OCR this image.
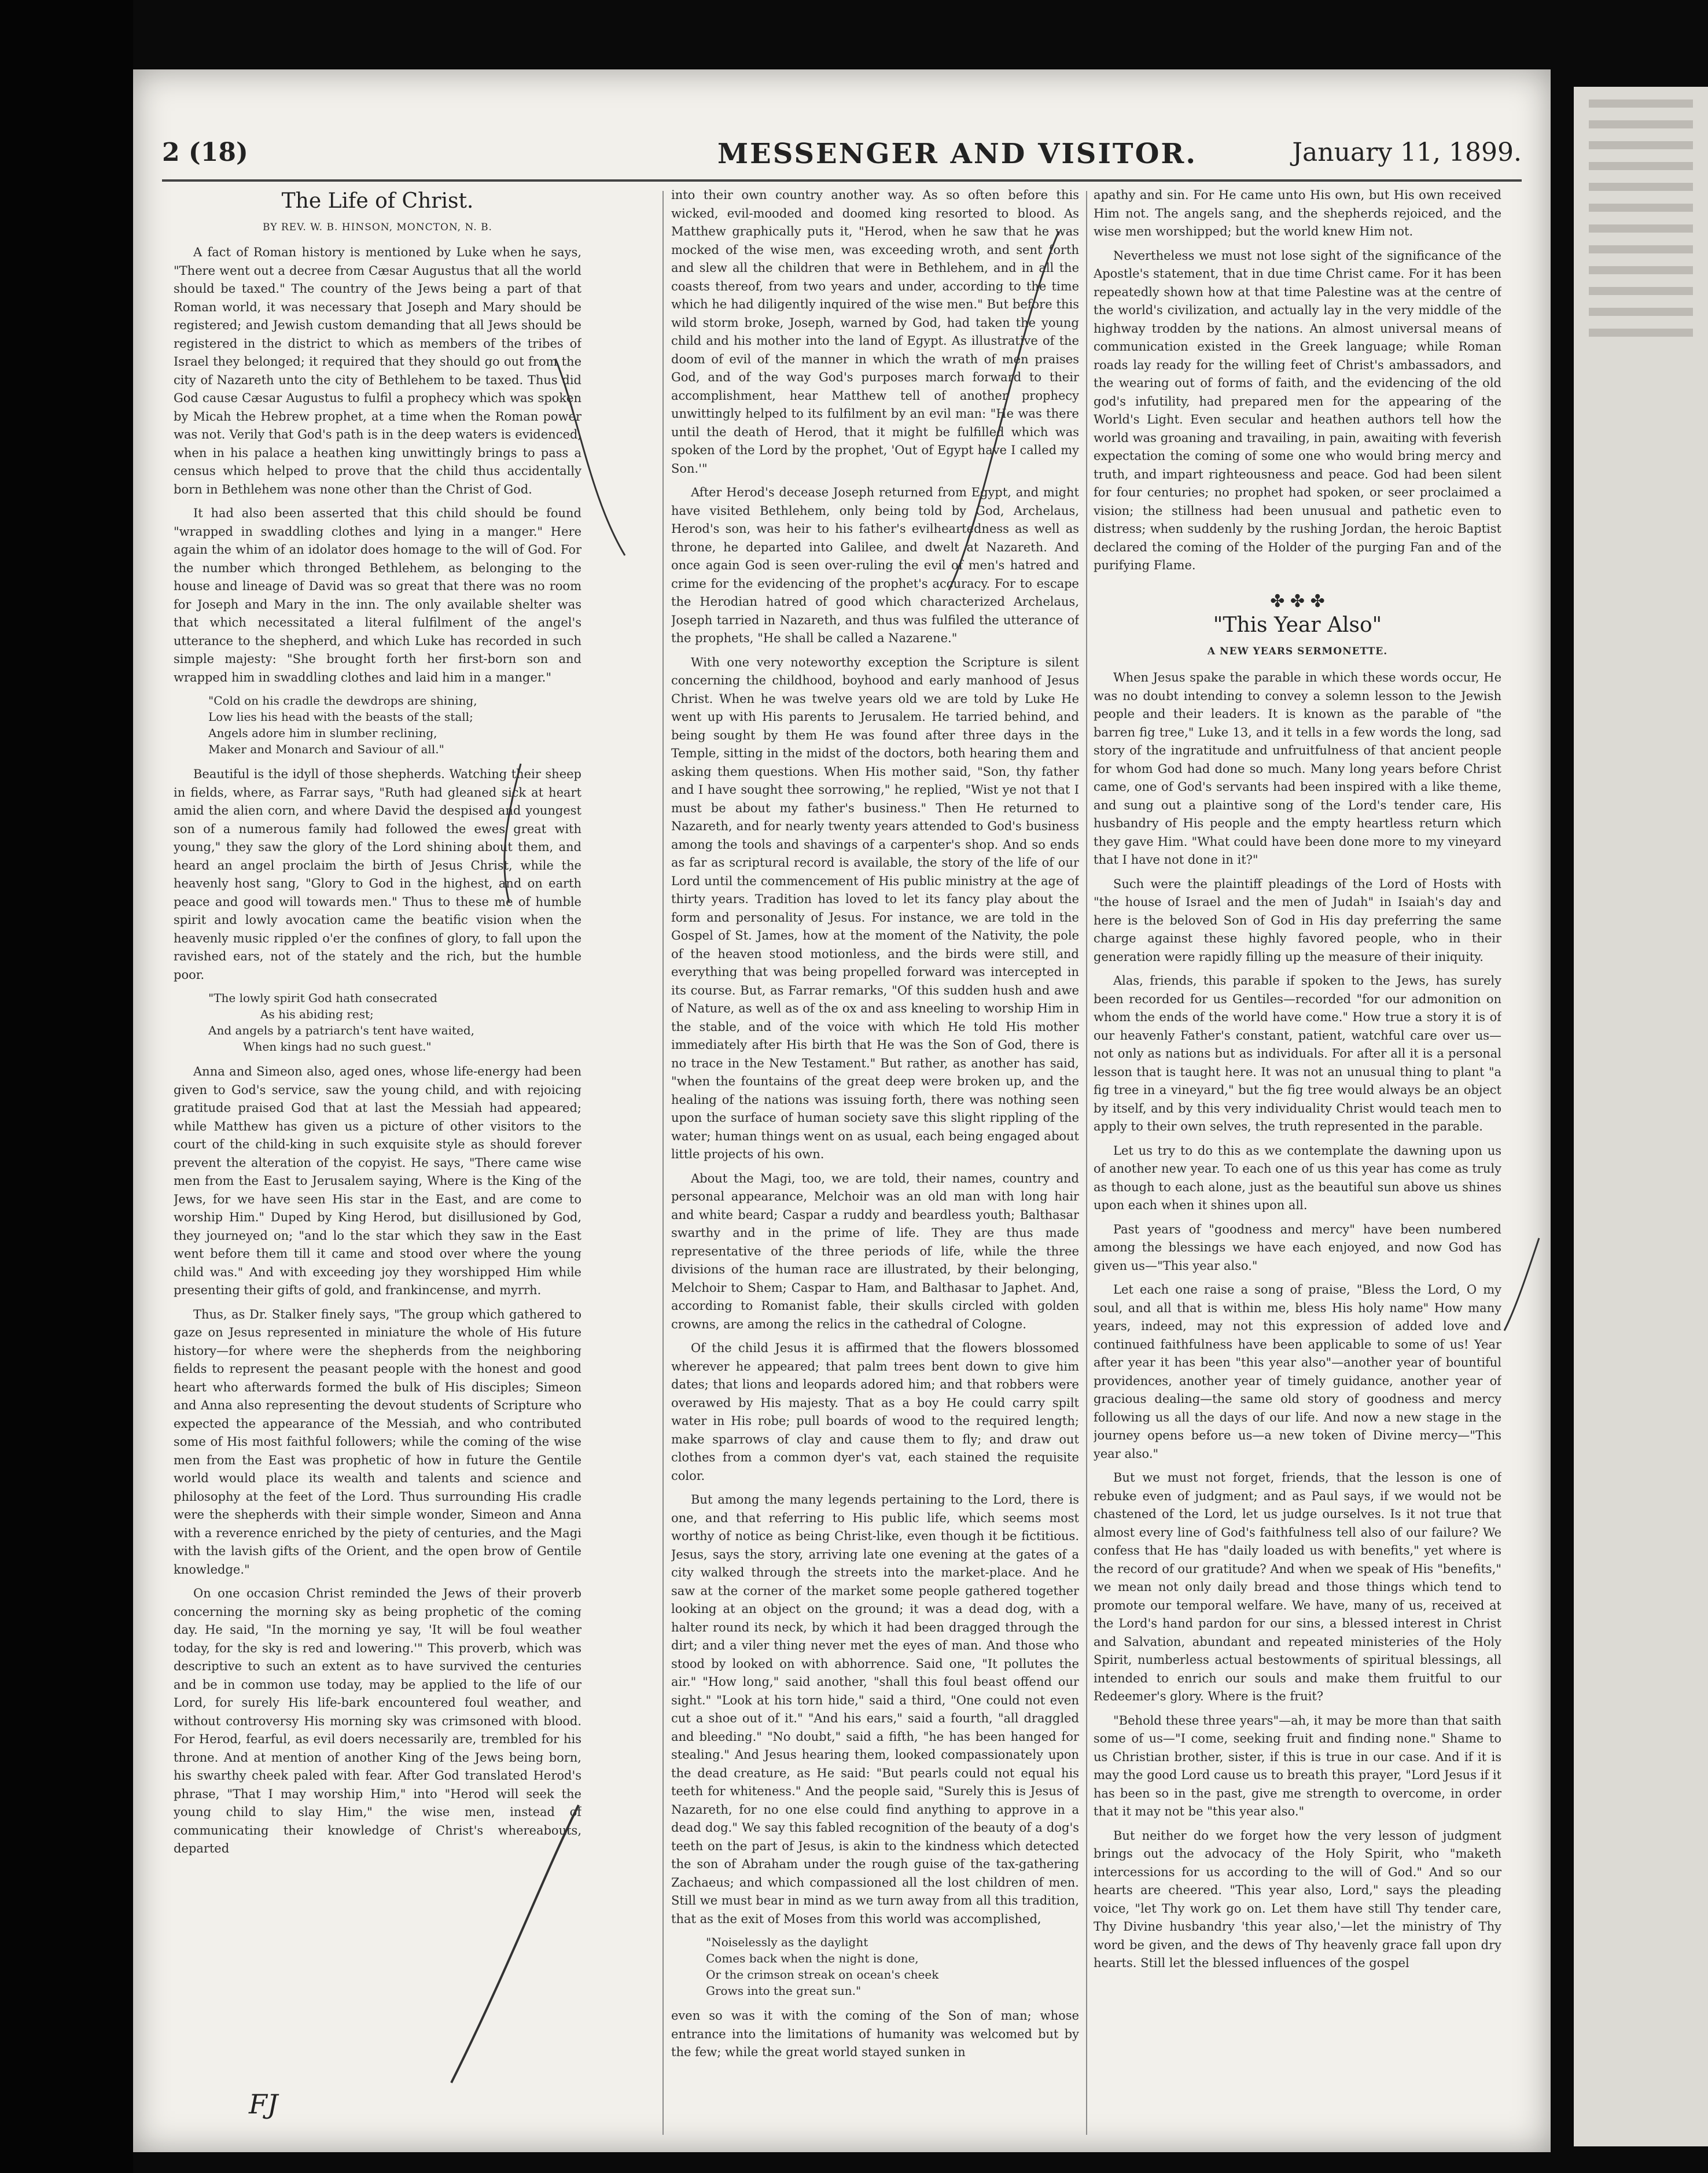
2 (18)	MESSENGER AND VISITOR.	January 11, 1899.
The Life of Christ.
BY REV. W. B. HINSON, MONCTON, N. B.

A fact of Roman history is mentioned by Luke when he says, "There went out a decree from Cæsar Augustus that all the world should be taxed." The country of the Jews being a part of that Roman world, it was necessary that Joseph and Mary should be registered; and Jewish custom demanding that all Jews should be registered in the district to which as members of the tribes of Israel they belonged; it required that they should go out from the city of Nazareth unto the city of Bethlehem to be taxed. Thus did God cause Cæsar Augustus to fulfil a prophecy which was spoken by Micah the Hebrew prophet, at a time when the Roman power was not. Verily that God's path is in the deep waters is evidenced, when in his palace a heathen king unwittingly brings to pass a census which helped to prove that the child thus accidentally born in Bethlehem was none other than the Christ of God.

It had also been asserted that this child should be found "wrapped in swaddling clothes and lying in a manger." Here again the whim of an idolator does homage to the will of God. For the number which thronged Bethlehem, as belonging to the house and lineage of David was so great that there was no room for Joseph and Mary in the inn. The only available shelter was that which necessitated a literal fulfilment of the angel's utterance to the shepherd, and which Luke has recorded in such simple majesty: "She brought forth her first-born son and wrapped him in swaddling clothes and laid him in a manger."

"Cold on his cradle the dewdrops are shining,
Low lies his head with the beasts of the stall;
Angels adore him in slumber reclining,
Maker and Monarch and Saviour of all."

Beautiful is the idyll of those shepherds. Watching their sheep in fields, where, as Farrar says, "Ruth had gleaned sick at heart amid the alien corn, and where David the despised and youngest son of a numerous family had followed the ewes great with young," they saw the glory of the Lord shining about them, and heard an angel proclaim the birth of Jesus Christ, while the heavenly host sang, "Glory to God in the highest, and on earth peace and good will towards men." Thus to these me of humble spirit and lowly avocation came the beatific vision when the heavenly music rippled o'er the confines of glory, to fall upon the ravished ears, not of the stately and the rich, but the humble poor.

"The lowly spirit God hath consecrated
As his abiding rest;
And angels by a patriarch's tent have waited,
When kings had no such guest."

Anna and Simeon also, aged ones, whose life-energy had been given to God's service, saw the young child, and with rejoicing gratitude praised God that at last the Messiah had appeared; while Matthew has given us a picture of other visitors to the court of the child-king in such exquisite style as should forever prevent the alteration of the copyist. He says, "There came wise men from the East to Jerusalem saying, Where is the King of the Jews, for we have seen His star in the East, and are come to worship Him." Duped by King Herod, but disillusioned by God, they journeyed on; "and lo the star which they saw in the East went before them till it came and stood over where the young child was." And with exceeding joy they worshipped Him while presenting their gifts of gold, and frankincense, and myrrh.

Thus, as Dr. Stalker finely says, "The group which gathered to gaze on Jesus represented in miniature the whole of His future history—for where were the shepherds from the neighboring fields to represent the peasant people with the honest and good heart who afterwards formed the bulk of His disciples; Simeon and Anna also representing the devout students of Scripture who expected the appearance of the Messiah, and who contributed some of His most faithful followers; while the coming of the wise men from the East was prophetic of how in future the Gentile world would place its wealth and talents and science and philosophy at the feet of the Lord. Thus surrounding His cradle were the shepherds with their simple wonder, Simeon and Anna with a reverence enriched by the piety of centuries, and the Magi with the lavish gifts of the Orient, and the open brow of Gentile knowledge."

On one occasion Christ reminded the Jews of their proverb concerning the morning sky as being prophetic of the coming day. He said, "In the morning ye say, 'It will be foul weather today, for the sky is red and lowering.'" This proverb, which was descriptive to such an extent as to have survived the centuries and be in common use today, may be applied to the life of our Lord, for surely His life-bark encountered foul weather, and without controversy His morning sky was crimsoned with blood. For Herod, fearful, as evil doers necessarily are, trembled for his throne. And at mention of another King of the Jews being born, his swarthy cheek paled with fear. After God translated Herod's phrase, "That I may worship Him," into "Herod will seek the young child to slay Him," the wise men, instead of communicating their knowledge of Christ's whereabouts, departed

into their own country another way. As so often before this wicked, evil-mooded and doomed king resorted to blood. As Matthew graphically puts it, "Herod, when he saw that he was mocked of the wise men, was exceeding wroth, and sent forth and slew all the children that were in Bethlehem, and in all the coasts thereof, from two years and under, according to the time which he had diligently inquired of the wise men." But before this wild storm broke, Joseph, warned by God, had taken the young child and his mother into the land of Egypt. As illustrative of the doom of evil of the manner in which the wrath of men praises God, and of the way God's purposes march forward to their accomplishment, hear Matthew tell of another prophecy unwittingly helped to its fulfilment by an evil man: "He was there until the death of Herod, that it might be fulfilled which was spoken of the Lord by the prophet, 'Out of Egypt have I called my Son.'"

After Herod's decease Joseph returned from Egypt, and might have visited Bethlehem, only being told by God, Archelaus, Herod's son, was heir to his father's evilheartedness as well as throne, he departed into Galilee, and dwelt at Nazareth. And once again God is seen over-ruling the evil of men's hatred and crime for the evidencing of the prophet's accuracy. For to escape the Herodian hatred of good which characterized Archelaus, Joseph tarried in Nazareth, and thus was fulfiled the utterance of the prophets, "He shall be called a Nazarene."

With one very noteworthy exception the Scripture is silent concerning the childhood, boyhood and early manhood of Jesus Christ. When he was twelve years old we are told by Luke He went up with His parents to Jerusalem. He tarried behind, and being sought by them He was found after three days in the Temple, sitting in the midst of the doctors, both hearing them and asking them questions. When His mother said, "Son, thy father and I have sought thee sorrowing," he replied, "Wist ye not that I must be about my father's business." Then He returned to Nazareth, and for nearly twenty years attended to God's business among the tools and shavings of a carpenter's shop. And so ends as far as scriptural record is available, the story of the life of our Lord until the commencement of His public ministry at the age of thirty years. Tradition has loved to let its fancy play about the form and personality of Jesus. For instance, we are told in the Gospel of St. James, how at the moment of the Nativity, the pole of the heaven stood motionless, and the birds were still, and everything that was being propelled forward was intercepted in its course. But, as Farrar remarks, "Of this sudden hush and awe of Nature, as well as of the ox and ass kneeling to worship Him in the stable, and of the voice with which He told His mother immediately after His birth that He was the Son of God, there is no trace in the New Testament." But rather, as another has said, "when the fountains of the great deep were broken up, and the healing of the nations was issuing forth, there was nothing seen upon the surface of human society save this slight rippling of the water; human things went on as usual, each being engaged about little projects of his own.

About the Magi, too, we are told, their names, country and personal appearance, Melchoir was an old man with long hair and white beard; Caspar a ruddy and beardless youth; Balthasar swarthy and in the prime of life. They are thus made representative of the three periods of life, while the three divisions of the human race are illustrated, by their belonging, Melchoir to Shem; Caspar to Ham, and Balthasar to Japhet. And, according to Romanist fable, their skulls circled with golden crowns, are among the relics in the cathedral of Cologne.

Of the child Jesus it is affirmed that the flowers blossomed wherever he appeared; that palm trees bent down to give him dates; that lions and leopards adored him; and that robbers were overawed by His majesty. That as a boy He could carry spilt water in His robe; pull boards of wood to the required length; make sparrows of clay and cause them to fly; and draw out clothes from a common dyer's vat, each stained the requisite color.

But among the many legends pertaining to the Lord, there is one, and that referring to His public life, which seems most worthy of notice as being Christ-like, even though it be fictitious. Jesus, says the story, arriving late one evening at the gates of a city walked through the streets into the market-place. And he saw at the corner of the market some people gathered together looking at an object on the ground; it was a dead dog, with a halter round its neck, by which it had been dragged through the dirt; and a viler thing never met the eyes of man. And those who stood by looked on with abhorrence. Said one, "It pollutes the air." "How long," said another, "shall this foul beast offend our sight." "Look at his torn hide," said a third, "One could not even cut a shoe out of it." "And his ears," said a fourth, "all draggled and bleeding." "No doubt," said a fifth, "he has been hanged for stealing." And Jesus hearing them, looked compassionately upon the dead creature, as He said: "But pearls could not equal his teeth for whiteness." And the people said, "Surely this is Jesus of Nazareth, for no one else could find anything to approve in a dead dog." We say this fabled recognition of the beauty of a dog's teeth on the part of Jesus, is akin to the kindness which detected the son of Abraham under the rough guise of the tax-gathering Zachaeus; and which compassioned all the lost children of men. Still we must bear in mind as we turn away from all this tradition, that as the exit of Moses from this world was accomplished,

"Noiselessly as the daylight
Comes back when the night is done,
Or the crimson streak on ocean's cheek
Grows into the great sun."

even so was it with the coming of the Son of man; whose entrance into the limitations of humanity was welcomed but by the few; while the great world stayed sunken in

apathy and sin. For He came unto His own, but His own received Him not. The angels sang, and the shepherds rejoiced, and the wise men worshipped; but the world knew Him not.

Nevertheless we must not lose sight of the significance of the Apostle's statement, that in due time Christ came. For it has been repeatedly shown how at that time Palestine was at the centre of the world's civilization, and actually lay in the very middle of the highway trodden by the nations. An almost universal means of communication existed in the Greek language; while Roman roads lay ready for the willing feet of Christ's ambassadors, and the wearing out of forms of faith, and the evidencing of the old god's infutility, had prepared men for the appearing of the World's Light. Even secular and heathen authors tell how the world was groaning and travailing, in pain, awaiting with feverish expectation the coming of some one who would bring mercy and truth, and impart righteousness and peace. God had been silent for four centuries; no prophet had spoken, or seer proclaimed a vision; the stillness had been unusual and pathetic even to distress; when suddenly by the rushing Jordan, the heroic Baptist declared the coming of the Holder of the purging Fan and of the purifying Flame.

✤ ✤ ✤
"This Year Also"
A NEW YEARS SERMONETTE.

When Jesus spake the parable in which these words occur, He was no doubt intending to convey a solemn lesson to the Jewish people and their leaders. It is known as the parable of "the barren fig tree," Luke 13, and it tells in a few words the long, sad story of the ingratitude and unfruitfulness of that ancient people for whom God had done so much. Many long years before Christ came, one of God's servants had been inspired with a like theme, and sung out a plaintive song of the Lord's tender care, His husbandry of His people and the empty heartless return which they gave Him. "What could have been done more to my vineyard that I have not done in it?"

Such were the plaintiff pleadings of the Lord of Hosts with "the house of Israel and the men of Judah" in Isaiah's day and here is the beloved Son of God in His day preferring the same charge against these highly favored people, who in their generation were rapidly filling up the measure of their iniquity.

Alas, friends, this parable if spoken to the Jews, has surely been recorded for us Gentiles—recorded "for our admonition on whom the ends of the world have come." How true a story it is of our heavenly Father's constant, patient, watchful care over us—not only as nations but as individuals. For after all it is a personal lesson that is taught here. It was not an unusual thing to plant "a fig tree in a vineyard," but the fig tree would always be an object by itself, and by this very individuality Christ would teach men to apply to their own selves, the truth represented in the parable.

Let us try to do this as we contemplate the dawning upon us of another new year. To each one of us this year has come as truly as though to each alone, just as the beautiful sun above us shines upon each when it shines upon all.

Past years of "goodness and mercy" have been numbered among the blessings we have each enjoyed, and now God has given us—"This year also."

Let each one raise a song of praise, "Bless the Lord, O my soul, and all that is within me, bless His holy name" How many years, indeed, may not this expression of added love and continued faithfulness have been applicable to some of us! Year after year it has been "this year also"—another year of bountiful providences, another year of timely guidance, another year of gracious dealing—the same old story of goodness and mercy following us all the days of our life. And now a new stage in the journey opens before us—a new token of Divine mercy—"This year also."

But we must not forget, friends, that the lesson is one of rebuke even of judgment; and as Paul says, if we would not be chastened of the Lord, let us judge ourselves. Is it not true that almost every line of God's faithfulness tell also of our failure? We confess that He has "daily loaded us with benefits," yet where is the record of our gratitude? And when we speak of His "benefits," we mean not only daily bread and those things which tend to promote our temporal welfare. We have, many of us, received at the Lord's hand pardon for our sins, a blessed interest in Christ and Salvation, abundant and repeated ministeries of the Holy Spirit, numberless actual bestowments of spiritual blessings, all intended to enrich our souls and make them fruitful to our Redeemer's glory. Where is the fruit?

"Behold these three years"—ah, it may be more than that saith some of us—"I come, seeking fruit and finding none." Shame to us Christian brother, sister, if this is true in our case. And if it is may the good Lord cause us to breath this prayer, "Lord Jesus if it has been so in the past, give me strength to overcome, in order that it may not be "this year also."

But neither do we forget how the very lesson of judgment brings out the advocacy of the Holy Spirit, who "maketh intercessions for us according to the will of God." And so our hearts are cheered. "This year also, Lord," says the pleading voice, "let Thy work go on. Let them have still Thy tender care, Thy Divine husbandry 'this year also,'—let the ministry of Thy word be given, and the dews of Thy heavenly grace fall upon dry hearts. Still let the blessed influences of the gospel

FJ
